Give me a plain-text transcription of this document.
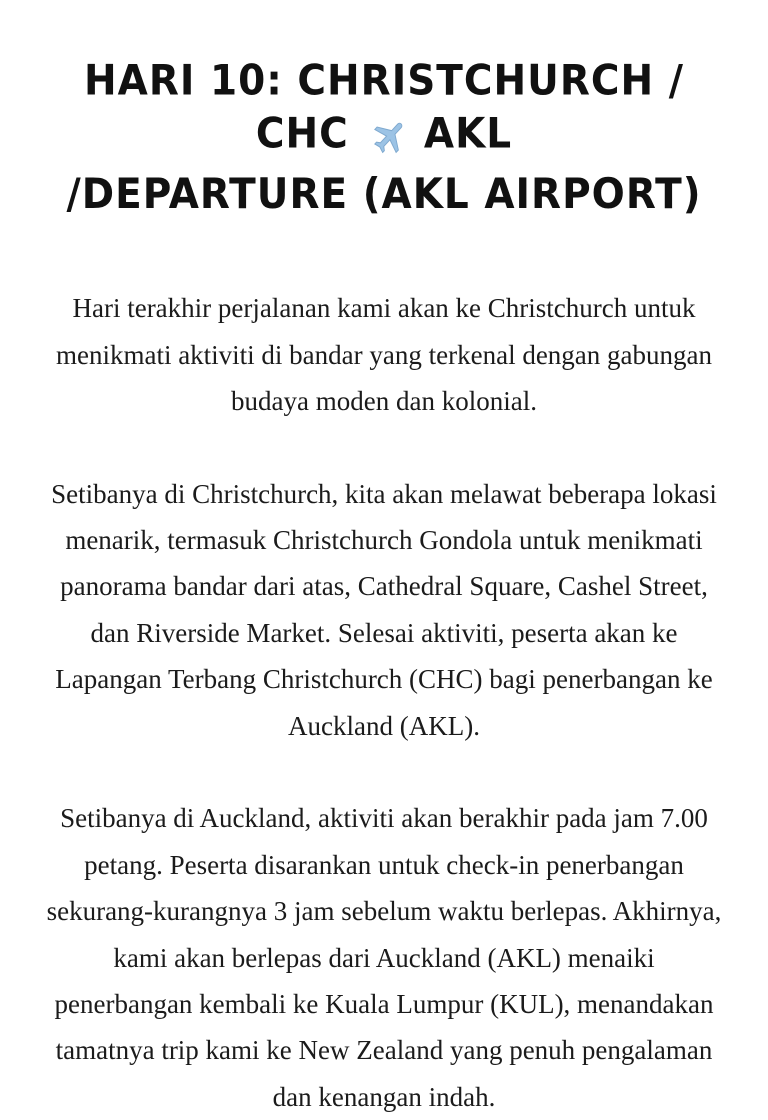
HARI 10: CHRISTCHURCH / CHC  AKL
/DEPARTURE (AKL AIRPORT)

Hari terakhir perjalanan kami akan ke Christchurch untuk menikmati aktiviti di bandar yang terkenal dengan gabungan budaya moden dan kolonial.

Setibanya di Christchurch, kita akan melawat beberapa lokasi menarik, termasuk Christchurch Gondola untuk menikmati panorama bandar dari atas, Cathedral Square, Cashel Street, dan Riverside Market. Selesai aktiviti, peserta akan ke Lapangan Terbang Christchurch (CHC) bagi penerbangan ke Auckland (AKL).

Setibanya di Auckland, aktiviti akan berakhir pada jam 7.00 petang. Peserta disarankan untuk check-in penerbangan sekurang-kurangnya 3 jam sebelum waktu berlepas. Akhirnya, kami akan berlepas dari Auckland (AKL) menaiki penerbangan kembali ke Kuala Lumpur (KUL), menandakan tamatnya trip kami ke New Zealand yang penuh pengalaman dan kenangan indah.
